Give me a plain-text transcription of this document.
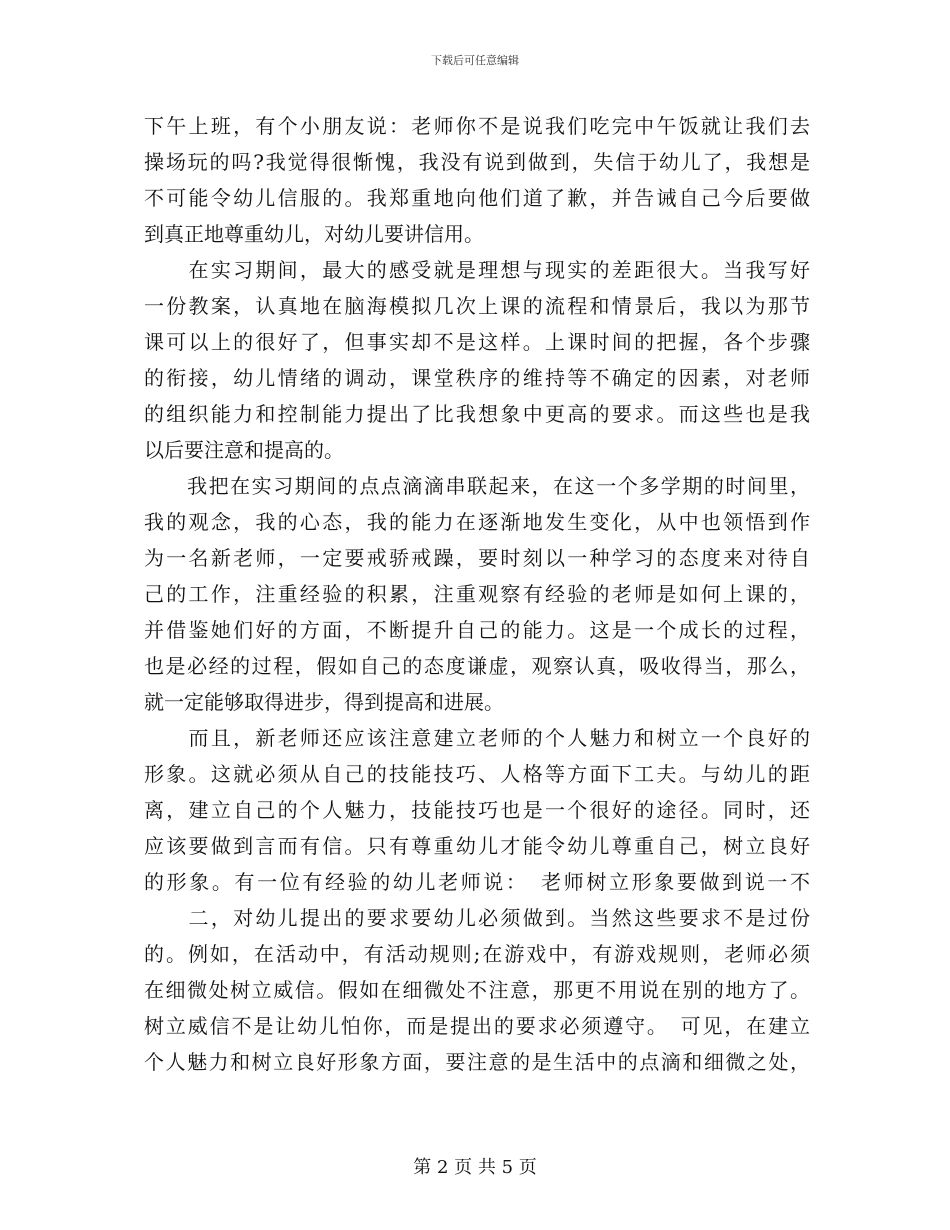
下载后可任意编辑
下午上班，有个小朋友说：老师你不是说我们吃完中午饭就让我们去
操场玩的吗?我觉得很惭愧，我没有说到做到，失信于幼儿了，我想是
不可能令幼儿信服的。我郑重地向他们道了歉，并告诫自己今后要做
到真正地尊重幼儿，对幼儿要讲信用。
　　在实习期间，最大的感受就是理想与现实的差距很大。当我写好
一份教案，认真地在脑海模拟几次上课的流程和情景后，我以为那节
课可以上的很好了，但事实却不是这样。上课时间的把握，各个步骤
的衔接，幼儿情绪的调动，课堂秩序的维持等不确定的因素，对老师
的组织能力和控制能力提出了比我想象中更高的要求。而这些也是我
以后要注意和提高的。
　　我把在实习期间的点点滴滴串联起来，在这一个多学期的时间里，
我的观念，我的心态，我的能力在逐渐地发生变化，从中也领悟到作
为一名新老师，一定要戒骄戒躁，要时刻以一种学习的态度来对待自
己的工作，注重经验的积累，注重观察有经验的老师是如何上课的，
并借鉴她们好的方面，不断提升自己的能力。这是一个成长的过程，
也是必经的过程，假如自己的态度谦虚，观察认真，吸收得当，那么，
就一定能够取得进步，得到提高和进展。
　　而且，新老师还应该注意建立老师的个人魅力和树立一个良好的
形象。这就必须从自己的技能技巧、人格等方面下工夫。与幼儿的距
离，建立自己的个人魅力，技能技巧也是一个很好的途径。同时，还
应该要做到言而有信。只有尊重幼儿才能令幼儿尊重自己，树立良好
的形象。有一位有经验的幼儿老师说：　老师树立形象要做到说一不
　　二，对幼儿提出的要求要幼儿必须做到。当然这些要求不是过份
的。例如，在活动中，有活动规则;在游戏中，有游戏规则，老师必须
在细微处树立威信。假如在细微处不注意，那更不用说在别的地方了。
树立威信不是让幼儿怕你，而是提出的要求必须遵守。　可见，在建立
个人魅力和树立良好形象方面，要注意的是生活中的点滴和细微之处，
第 2 页 共 5 页
